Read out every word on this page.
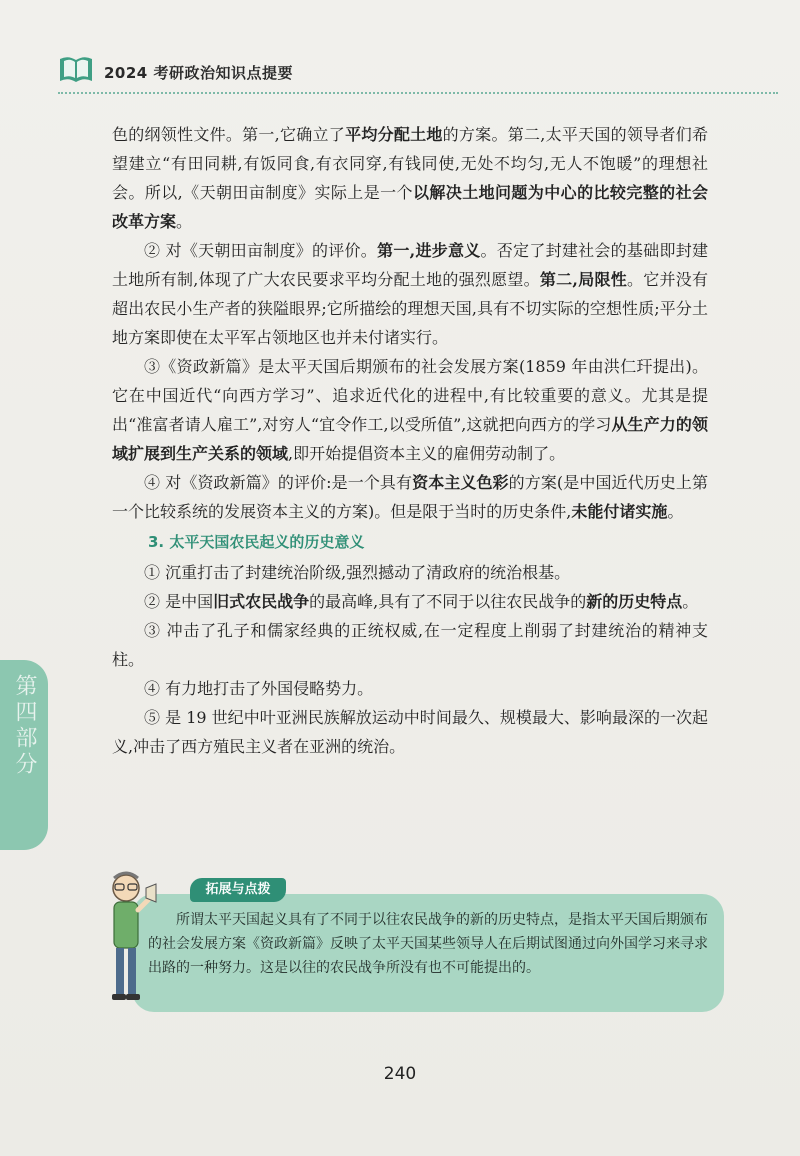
2024 考研政治知识点提要
第四部分

色的纲领性文件。第一,它确立了平均分配土地的方案。第二,太平天国的领导者们希望建立“有田同耕,有饭同食,有衣同穿,有钱同使,无处不均匀,无人不饱暖”的理想社会。所以,《天朝田亩制度》实际上是一个以解决土地问题为中心的比较完整的社会改革方案。

② 对《天朝田亩制度》的评价。第一,进步意义。否定了封建社会的基础即封建土地所有制,体现了广大农民要求平均分配土地的强烈愿望。第二,局限性。它并没有超出农民小生产者的狭隘眼界;它所描绘的理想天国,具有不切实际的空想性质;平分土地方案即使在太平军占领地区也并未付诸实行。

③《资政新篇》是太平天国后期颁布的社会发展方案(1859 年由洪仁玕提出)。它在中国近代“向西方学习”、追求近代化的进程中,有比较重要的意义。尤其是提出“准富者请人雇工”,对穷人“宜令作工,以受所值”,这就把向西方的学习从生产力的领域扩展到生产关系的领域,即开始提倡资本主义的雇佣劳动制了。

④ 对《资政新篇》的评价:是一个具有资本主义色彩的方案(是中国近代历史上第一个比较系统的发展资本主义的方案)。但是限于当时的历史条件,未能付诸实施。

3. 太平天国农民起义的历史意义

① 沉重打击了封建统治阶级,强烈撼动了清政府的统治根基。

② 是中国旧式农民战争的最高峰,具有了不同于以往农民战争的新的历史特点。

③ 冲击了孔子和儒家经典的正统权威,在一定程度上削弱了封建统治的精神支柱。

④ 有力地打击了外国侵略势力。

⑤ 是 19 世纪中叶亚洲民族解放运动中时间最久、规模最大、影响最深的一次起义,冲击了西方殖民主义者在亚洲的统治。

拓展与点拨
所谓太平天国起义具有了不同于以往农民战争的新的历史特点，是指太平天国后期颁布的社会发展方案《资政新篇》反映了太平天国某些领导人在后期试图通过向外国学习来寻求出路的一种努力。这是以往的农民战争所没有也不可能提出的。
240
